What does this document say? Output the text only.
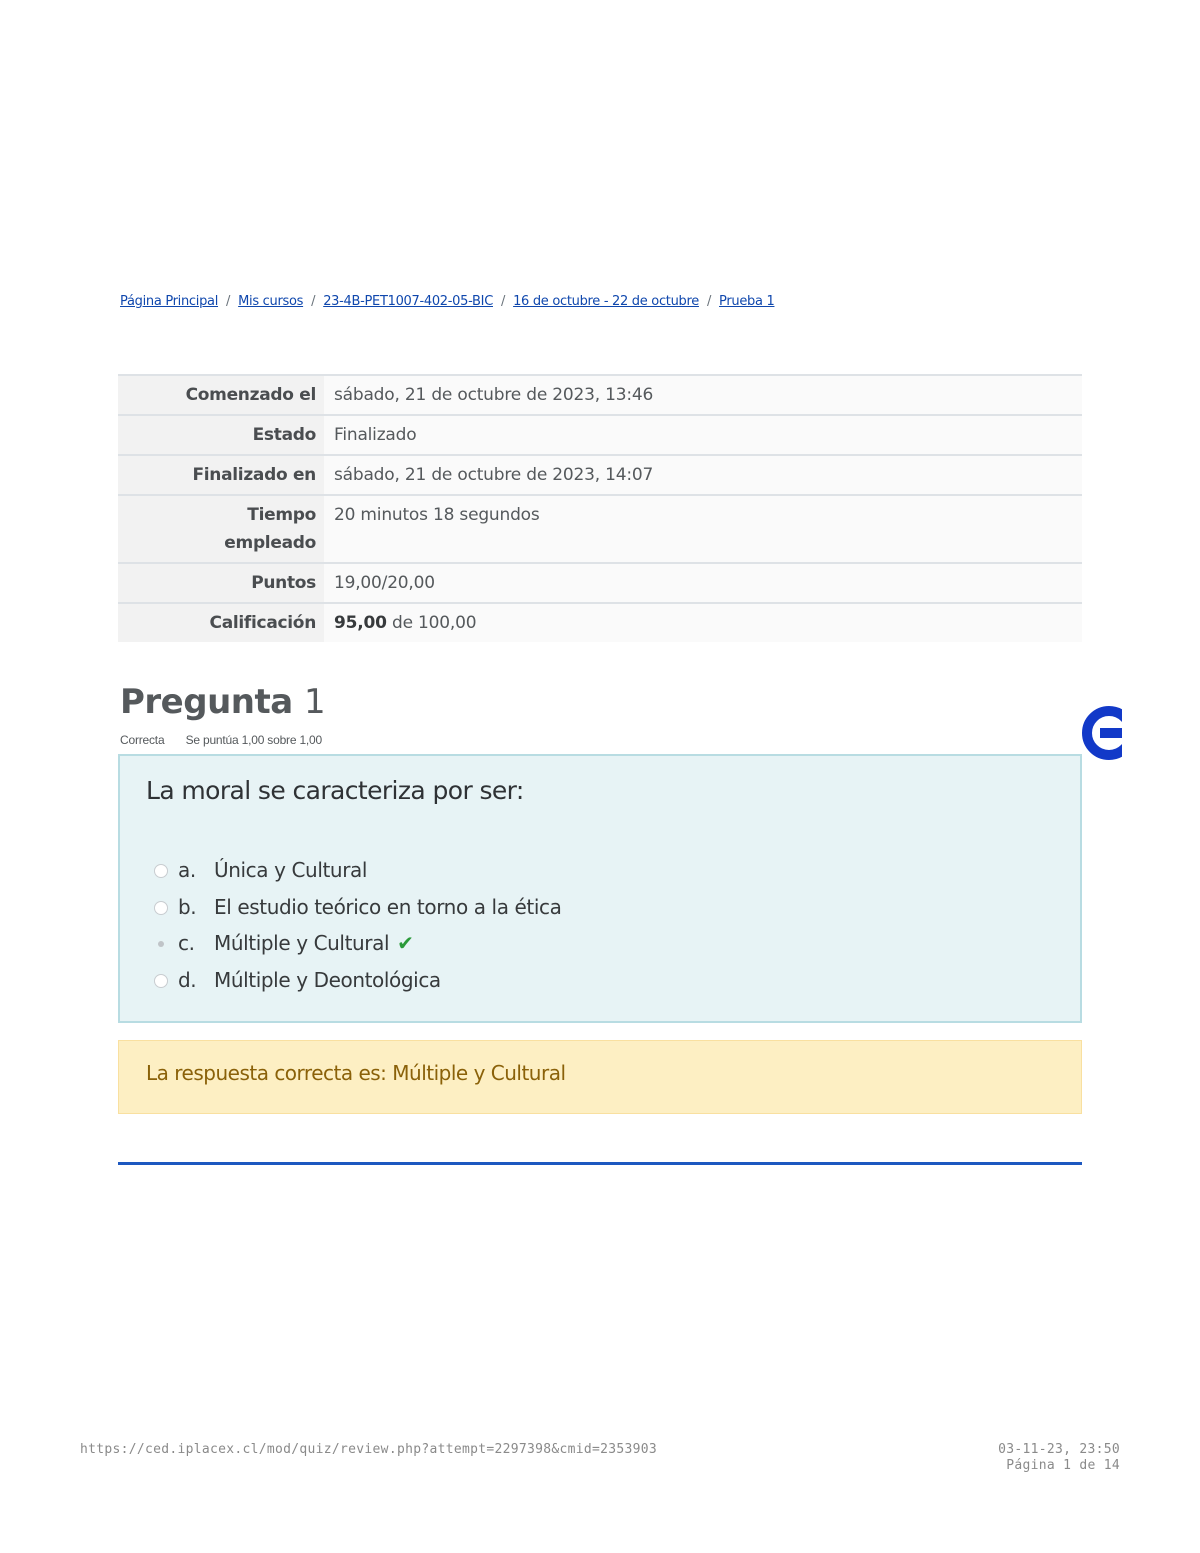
Página Principal / Mis cursos / 23-4B-PET1007-402-05-BIC / 16 de octubre - 22 de octubre / Prueba 1
Comenzado el	sábado, 21 de octubre de 2023, 13:46
Estado	Finalizado
Finalizado en	sábado, 21 de octubre de 2023, 14:07
Tiempo
empleado	20 minutos 18 segundos
Puntos	19,00/20,00
Calificación	95,00 de 100,00
Pregunta 1
Correcta Se puntúa 1,00 sobre 1,00
La moral se caracteriza por ser:
a. Única y Cultural
b. El estudio teórico en torno a la ética
c. Múltiple y Cultural ✔
d. Múltiple y Deontológica
La respuesta correcta es: Múltiple y Cultural
https://ced.iplacex.cl/mod/quiz/review.php?attempt=2297398&cmid=2353903	03-11-23, 23:50
Página 1 de 14
